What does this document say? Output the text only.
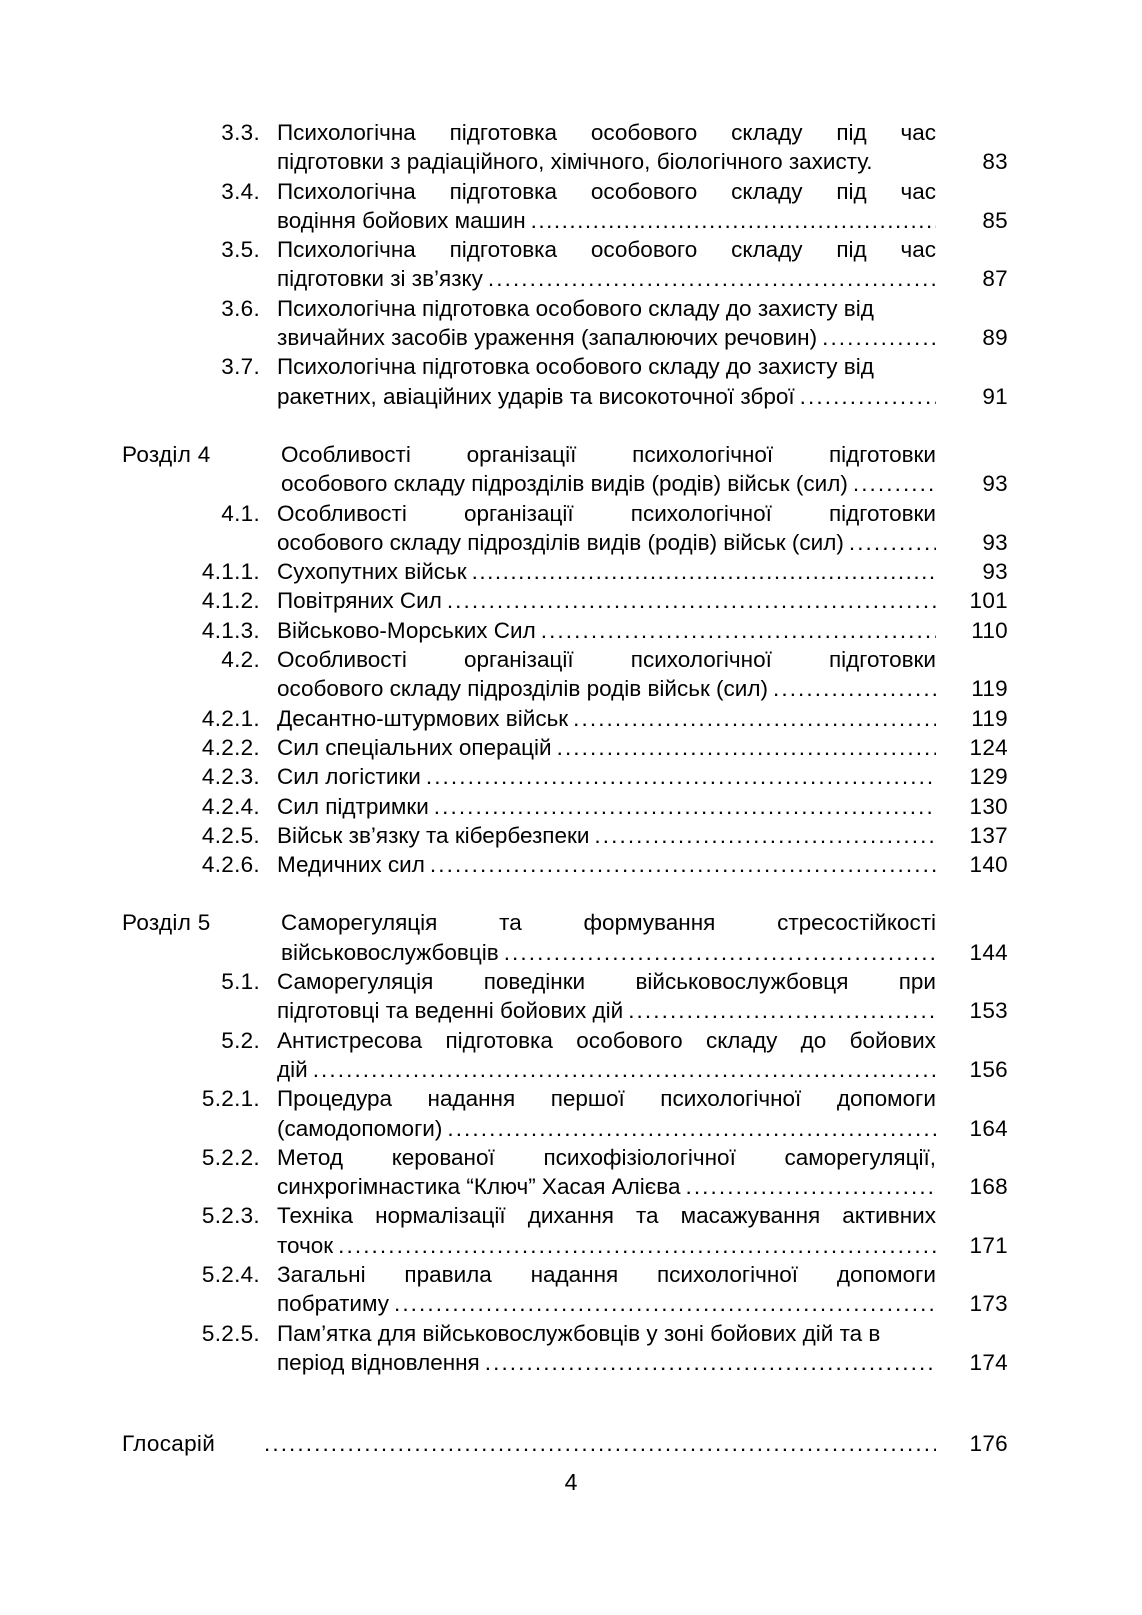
3.3. Психологічна підготовка особового складу під час
підготовки з радіаційного, хімічного, біологічного захисту.	83
3.4. Психологічна підготовка особового складу під час
водіння бойових машин .....	85
3.5. Психологічна підготовка особового складу під час
підготовки зі зв’язку .....	87
3.6. Психологічна підготовка особового складу до захисту від
звичайних засобів ураження (запалюючих речовин) .....	89
3.7. Психологічна підготовка особового складу до захисту від
ракетних, авіаційних ударів та високоточної зброї .....	91
Розділ 4	Особливості організації психологічної підготовки
особового складу підрозділів видів (родів) військ (сил) .....	93
4.1. Особливості	організації	психологічної	підготовки
особового складу підрозділів видів (родів) військ (сил) .....	93
4.1.1. Сухопутних військ .....	93
4.1.2. Повітряних Сил .....	101
4.1.3. Військово-Морських Сил .....	110
4.2. Особливості	організації	психологічної	підготовки
особового складу підрозділів родів військ (сил) .....	119
4.2.1. Десантно-штурмових військ .....	119
4.2.2. Сил спеціальних операцій .....	124
4.2.3. Сил логістики .....	129
4.2.4. Сил підтримки .....	130
4.2.5. Військ зв’язку та кібербезпеки .....	137
4.2.6. Медичних сил .....	140
Розділ 5	Саморегуляція	та	формування	стресостійкості
військовослужбовців .....	144
5.1. Саморегуляція поведінки військовослужбовця при
підготовці та веденні бойових дій .....	153
5.2. Антистресова підготовка особового складу до бойових
дій .....	156
5.2.1. Процедура надання першої психологічної допомоги
(самодопомоги) .....	164
5.2.2. Метод керованої психофізіологічної саморегуляції,
синхрогімнастика “Ключ” Хасая Алієва .....	168
5.2.3. Техніка нормалізації дихання та масажування активних
точок .....	171
5.2.4. Загальні правила надання психологічної допомоги
побратиму .....	173
5.2.5. Пам’ятка для військовослужбовців у зоні бойових дій та в
період відновлення .....	174
Глосарій .....	176
4
